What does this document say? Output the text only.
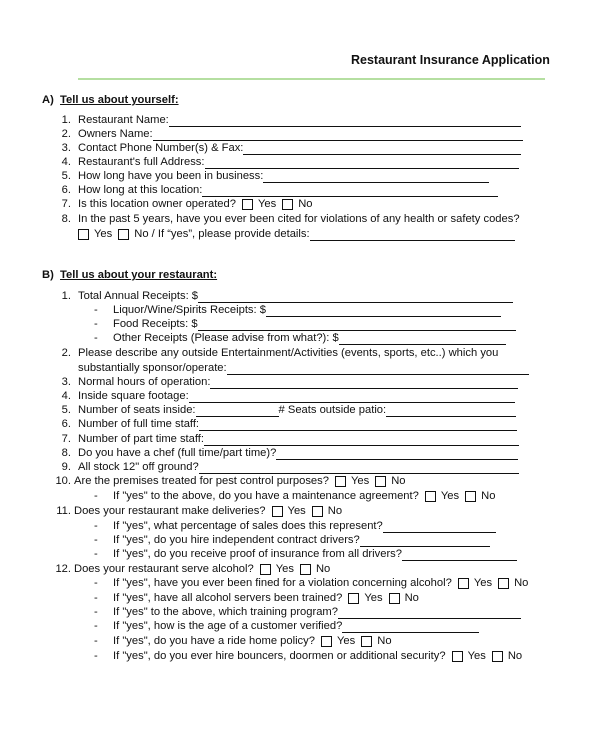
Restaurant Insurance Application
A) Tell us about yourself:
1. Restaurant Name:
2. Owners Name:
3. Contact Phone Number(s) & Fax:
4. Restaurant's full Address:
5. How long have you been in business:
6. How long at this location:
7. Is this location owner operated? Yes No
8. In the past 5 years, have you ever been cited for violations of any health or safety codes?
Yes No / If “yes”, please provide details:
B) Tell us about your restaurant:
1. Total Annual Receipts: $
- Liquor/Wine/Spirits Receipts: $
- Food Receipts: $
- Other Receipts (Please advise from what?): $
2. Please describe any outside Entertainment/Activities (events, sports, etc..) which you
substantially sponsor/operate:
3. Normal hours of operation:
4. Inside square footage:
5. Number of seats inside:	# Seats outside patio:
6. Number of full time staff:
7. Number of part time staff:
8. Do you have a chef (full time/part time)?
9. All stock 12" off ground?
10. Are the premises treated for pest control purposes? Yes No
- If "yes" to the above, do you have a maintenance agreement? Yes No
11. Does your restaurant make deliveries? Yes No
- If "yes", what percentage of sales does this represent?
- If "yes", do you hire independent contract drivers?
- If "yes", do you receive proof of insurance from all drivers?
12. Does your restaurant serve alcohol? Yes No
- If "yes", have you ever been fined for a violation concerning alcohol? Yes No
- If "yes", have all alcohol servers been trained? Yes No
- If "yes" to the above, which training program?
- If "yes", how is the age of a customer verified?
- If "yes", do you have a ride home policy? Yes No
- If "yes", do you ever hire bouncers, doormen or additional security? Yes No
